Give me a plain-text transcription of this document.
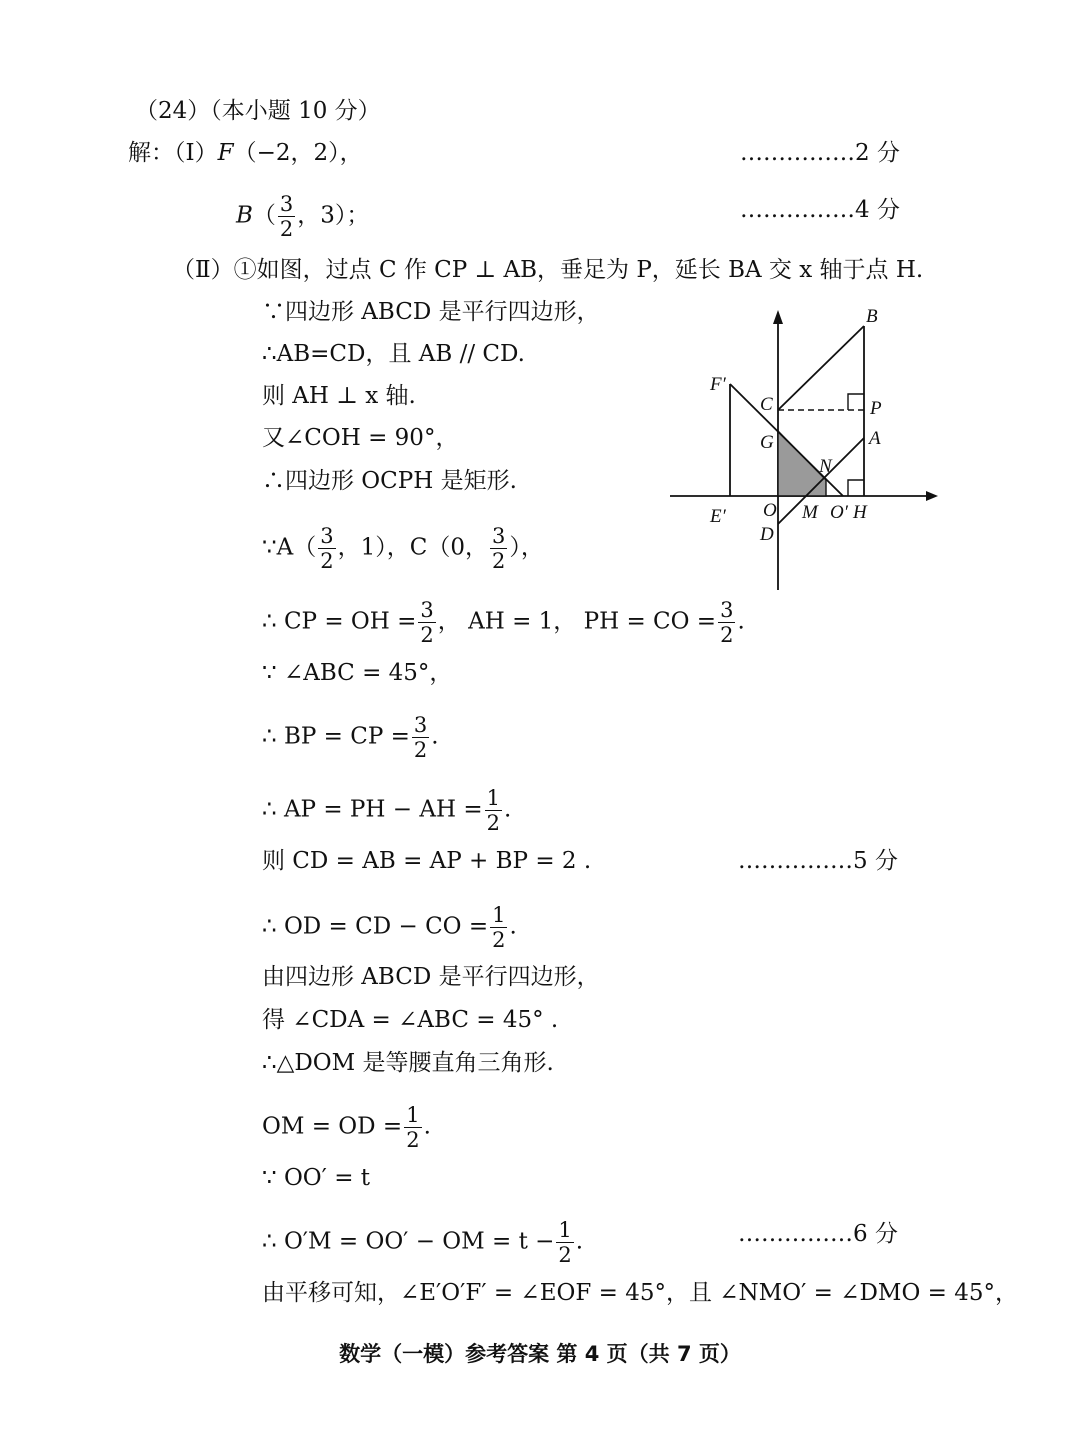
（24）（本小题 10 分）
解：（Ⅰ）F（−2，2），	……………2 分
$B( \frac{3}{2}$ ，3）；	……………4 分
（Ⅱ）①如图，过点 C 作 CP ⊥ AB，垂足为 P，延长 BA 交 x 轴于点 H.
∵四边形 ABCD 是平行四边形，
∴AB=CD，且 AB // CD.
则 AH ⊥ x 轴.
又∠COH = 90°，
∴四边形 OCPH 是矩形.
∵A（ $\frac{3}{2}$ ，1），C（0， $\frac{3}{2}$ ），
∴ CP = OH = $\frac{3}{2}$ ， AH = 1， PH = CO = $\frac{3}{2}$ .
∵ ∠ABC = 45°，
∴ BP = CP = $\frac{3}{2}$ .
∴ AP = PH − AH = $\frac{1}{2}$ .
则 CD = AB = AP + BP = 2 .	……………5 分
∴ OD = CD − CO = $\frac{1}{2}$ .
由四边形 ABCD 是平行四边形，
得 ∠CDA = ∠ABC = 45° .
∴△DOM 是等腰直角三角形.
OM = OD = $\frac{1}{2}$ .
∵ OO′ = t
∴ O′M = OO′ − OM = $t - \frac{1}{2}$ .	……………6 分
由平移可知，∠E′O′F′ = ∠EOF = 45°，且 ∠NMO′ = ∠DMO = 45°，
B
F′
C	P
G	A
N
E′ O M O′ H
D
数学（一模）参考答案 第 4 页（共 7 页）
